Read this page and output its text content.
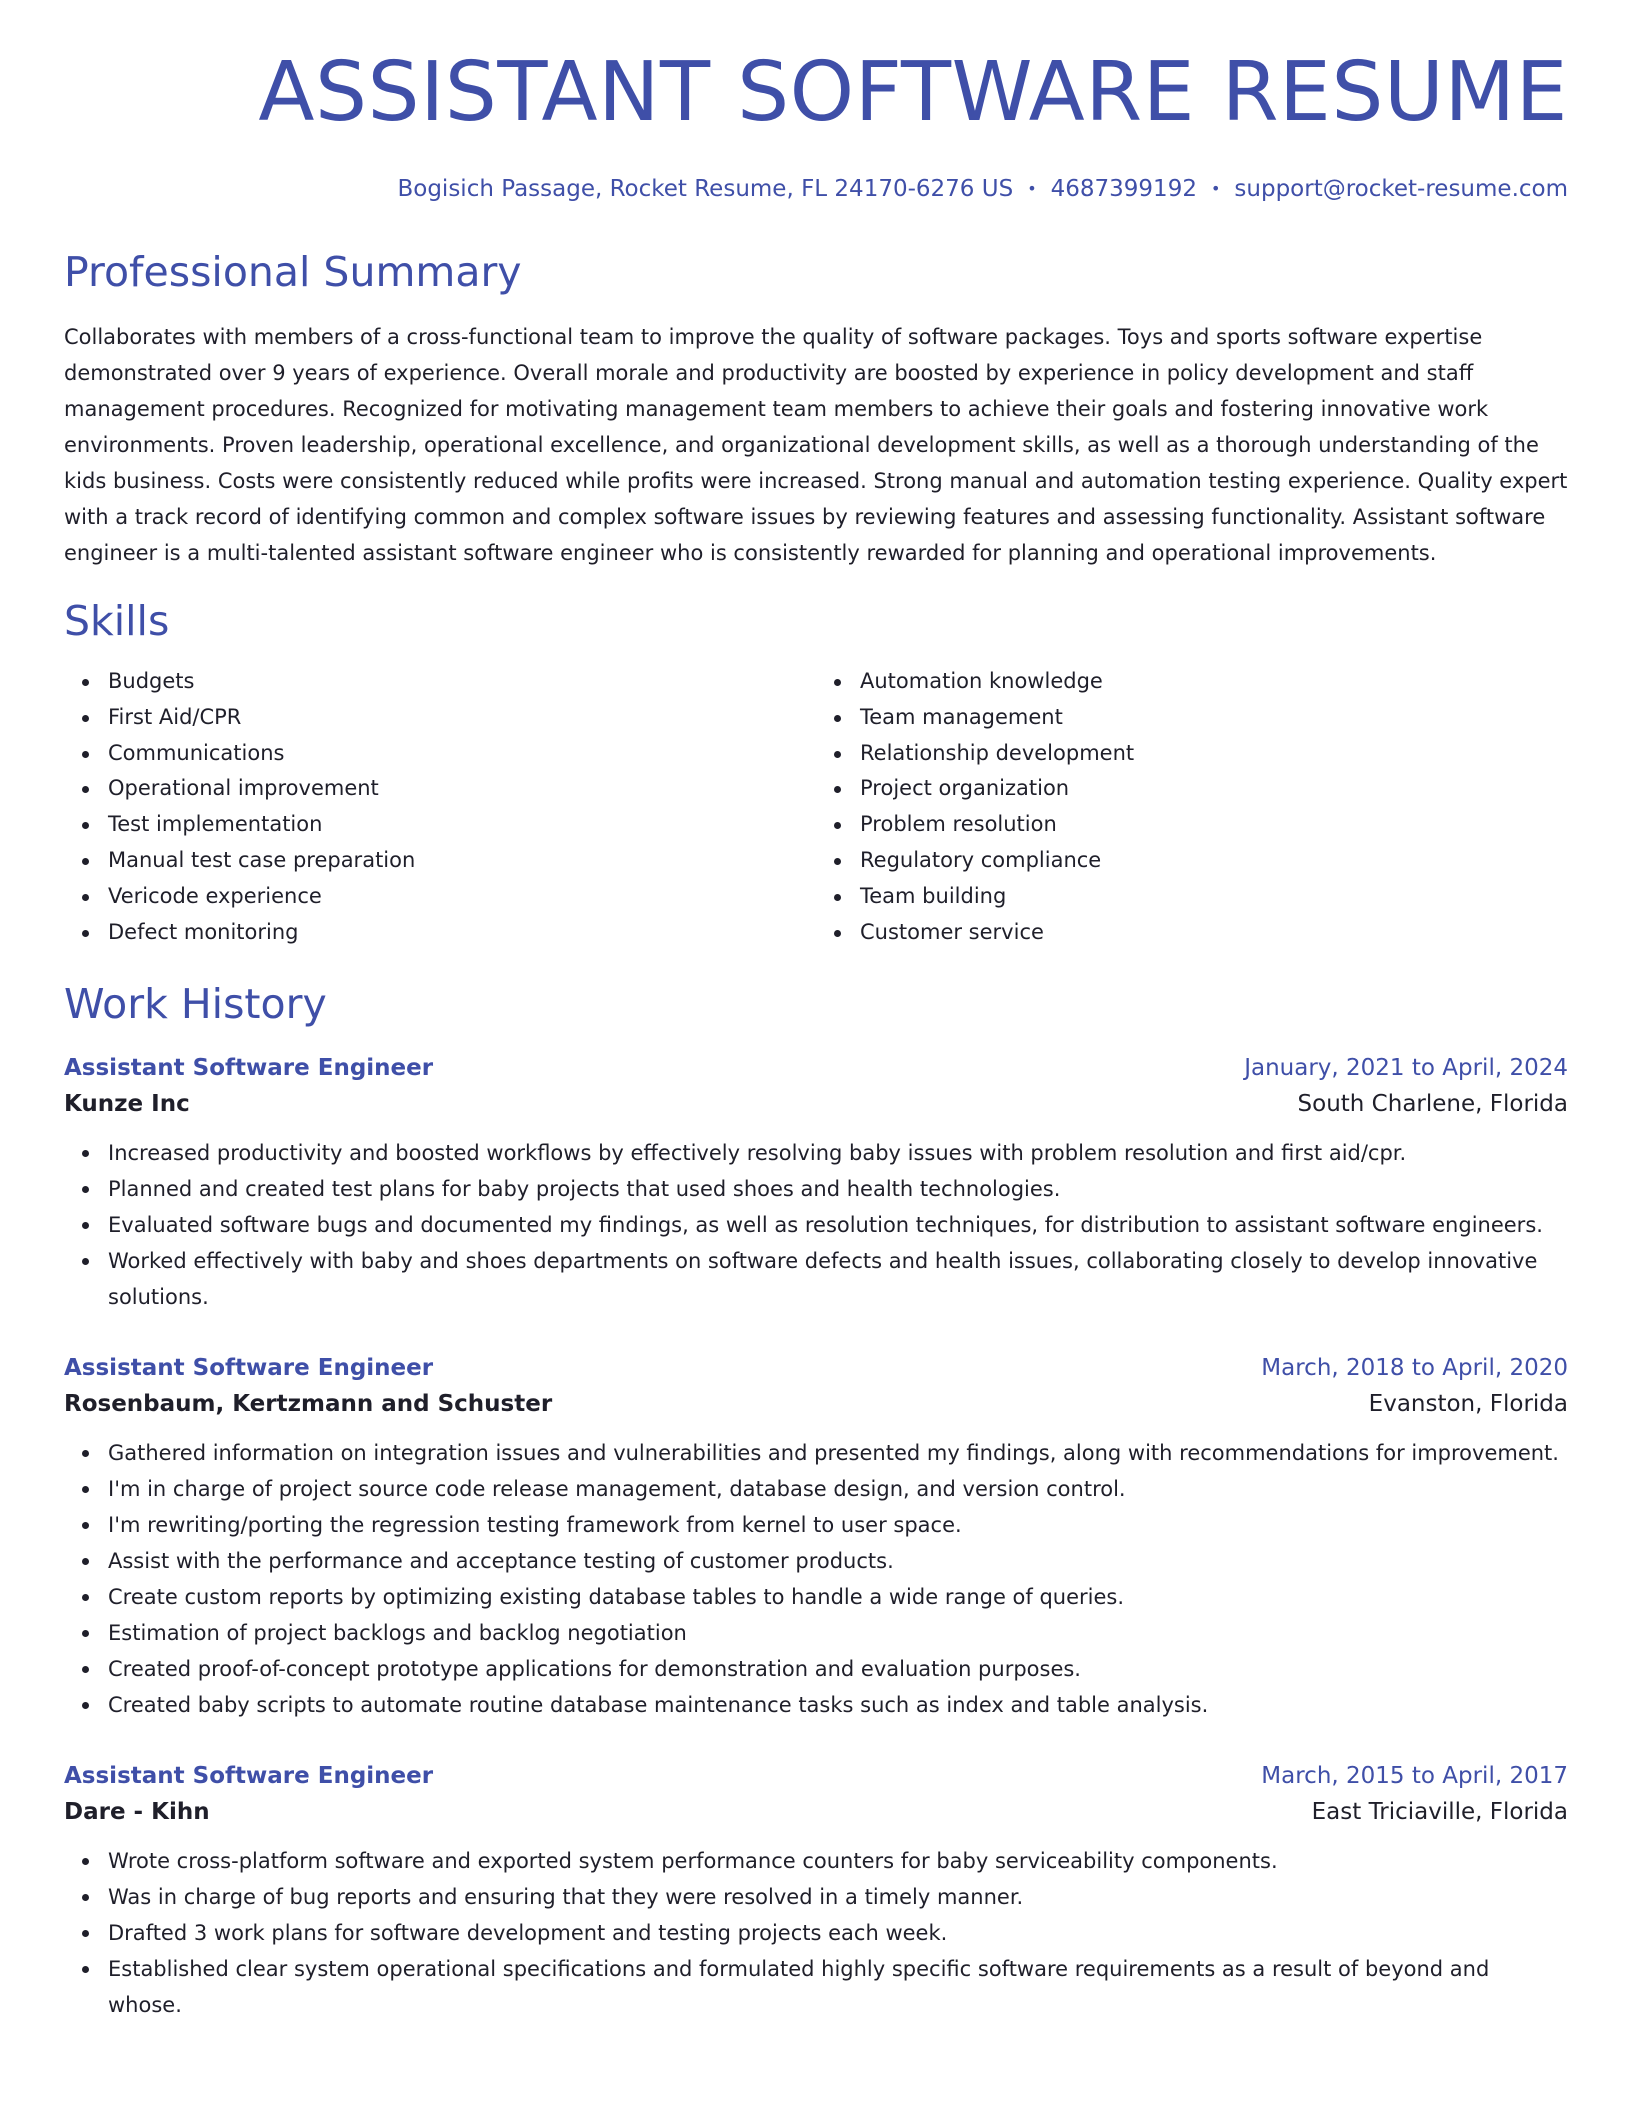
ASSISTANT SOFTWARE RESUME
Bogisich Passage, Rocket Resume, FL 24170-6276 US • 4687399192 • support@rocket-resume.com
Professional Summary

Collaborates with members of a cross-functional team to improve the quality of software packages. Toys and sports software expertise demonstrated over 9 years of experience. Overall morale and productivity are boosted by experience in policy development and staff management procedures. Recognized for motivating management team members to achieve their goals and fostering innovative work environments. Proven leadership, operational excellence, and organizational development skills, as well as a thorough understanding of the kids business. Costs were consistently reduced while profits were increased. Strong manual and automation testing experience. Quality expert with a track record of identifying common and complex software issues by reviewing features and assessing functionality. Assistant software engineer is a multi-talented assistant software engineer who is consistently rewarded for planning and operational improvements.

Skills
Budgets
First Aid/CPR
Communications
Operational improvement
Test implementation
Manual test case preparation
Vericode experience
Defect monitoring
Automation knowledge
Team management
Relationship development
Project organization
Problem resolution
Regulatory compliance
Team building
Customer service
Work History
Assistant Software Engineer	January, 2021 to April, 2024
Kunze Inc	South Charlene, Florida
Increased productivity and boosted workflows by effectively resolving baby issues with problem resolution and first aid/cpr.
Planned and created test plans for baby projects that used shoes and health technologies.
Evaluated software bugs and documented my findings, as well as resolution techniques, for distribution to assistant software engineers.
Worked effectively with baby and shoes departments on software defects and health issues, collaborating closely to develop innovative solutions.
Assistant Software Engineer	March, 2018 to April, 2020
Rosenbaum, Kertzmann and Schuster	Evanston, Florida
Gathered information on integration issues and vulnerabilities and presented my findings, along with recommendations for improvement.
I'm in charge of project source code release management, database design, and version control.
I'm rewriting/porting the regression testing framework from kernel to user space.
Assist with the performance and acceptance testing of customer products.
Create custom reports by optimizing existing database tables to handle a wide range of queries.
Estimation of project backlogs and backlog negotiation
Created proof-of-concept prototype applications for demonstration and evaluation purposes.
Created baby scripts to automate routine database maintenance tasks such as index and table analysis.
Assistant Software Engineer	March, 2015 to April, 2017
Dare - Kihn	East Triciaville, Florida
Wrote cross-platform software and exported system performance counters for baby serviceability components.
Was in charge of bug reports and ensuring that they were resolved in a timely manner.
Drafted 3 work plans for software development and testing projects each week.
Established clear system operational specifications and formulated highly specific software requirements as a result of beyond and whose.
